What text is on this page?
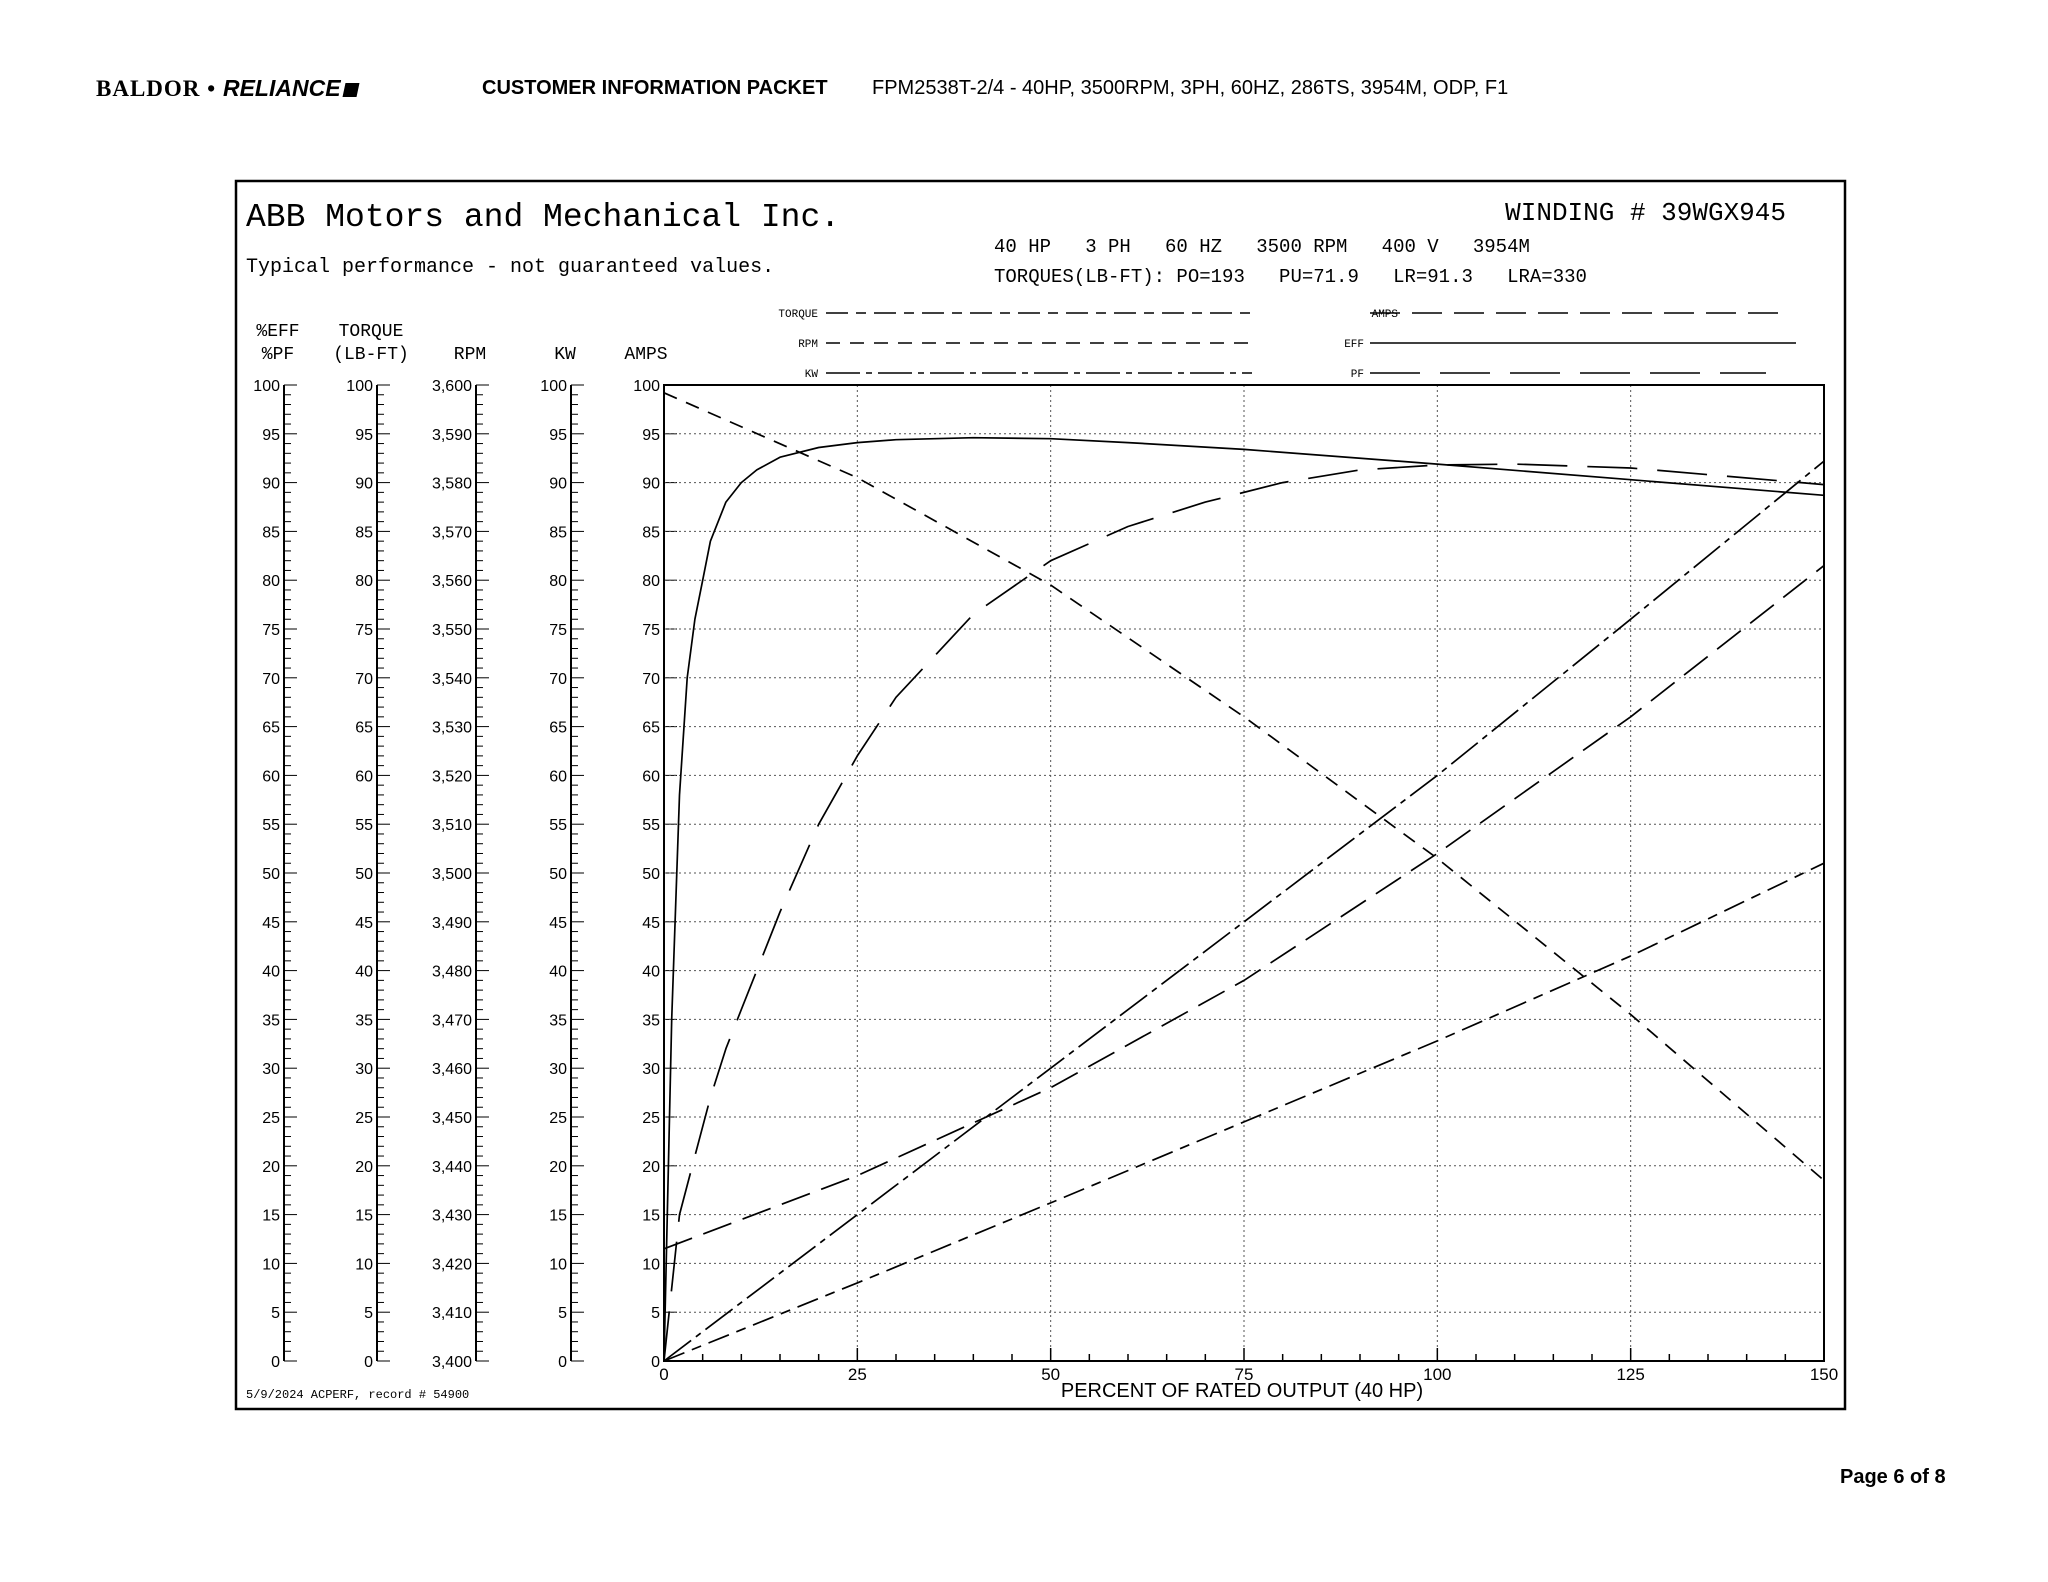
BALDOR • RELIANCE	CUSTOMER INFORMATION PACKET FPM2538T-2/4 - 40HP, 3500RPM, 3PH, 60HZ, 286TS, 3954M, ODP, F1
ABB Motors and Mechanical Inc.
Typical performance - not guaranteed values.
WINDING # 39WGX945
40 HP   3 PH   60 HZ   3500 RPM   400 V   3954M
TORQUES(LB-FT): PO=193   PU=71.9   LR=91.3   LRA=330
TORQUE
RPM
KW
AMPS
EFF
PF
0
5
10
15
20
25
30
35
40
45
50
55
60
65
70
75
80
85
90
95
100
%EFF
%PF
0
5
10
15
20
25
30
35
40
45
50
55
60
65
70
75
80
85
90
95
100
TORQUE
(LB-FT)
3,400
3,410
3,420
3,430
3,440
3,450
3,460
3,470
3,480
3,490
3,500
3,510
3,520
3,530
3,540
3,550
3,560
3,570
3,580
3,590
3,600
RPM
0
5
10
15
20
25
30
35
40
45
50
55
60
65
70
75
80
85
90
95
100
KW
0
5
10
15
20
25
30
35
40
45
50
55
60
65
70
75
80
85
90
95
100
AMPS
0	25	50	75	100	125	150
PERCENT OF RATED OUTPUT (40 HP)
5/9/2024 ACPERF, record # 54900
Page 6 of 8
